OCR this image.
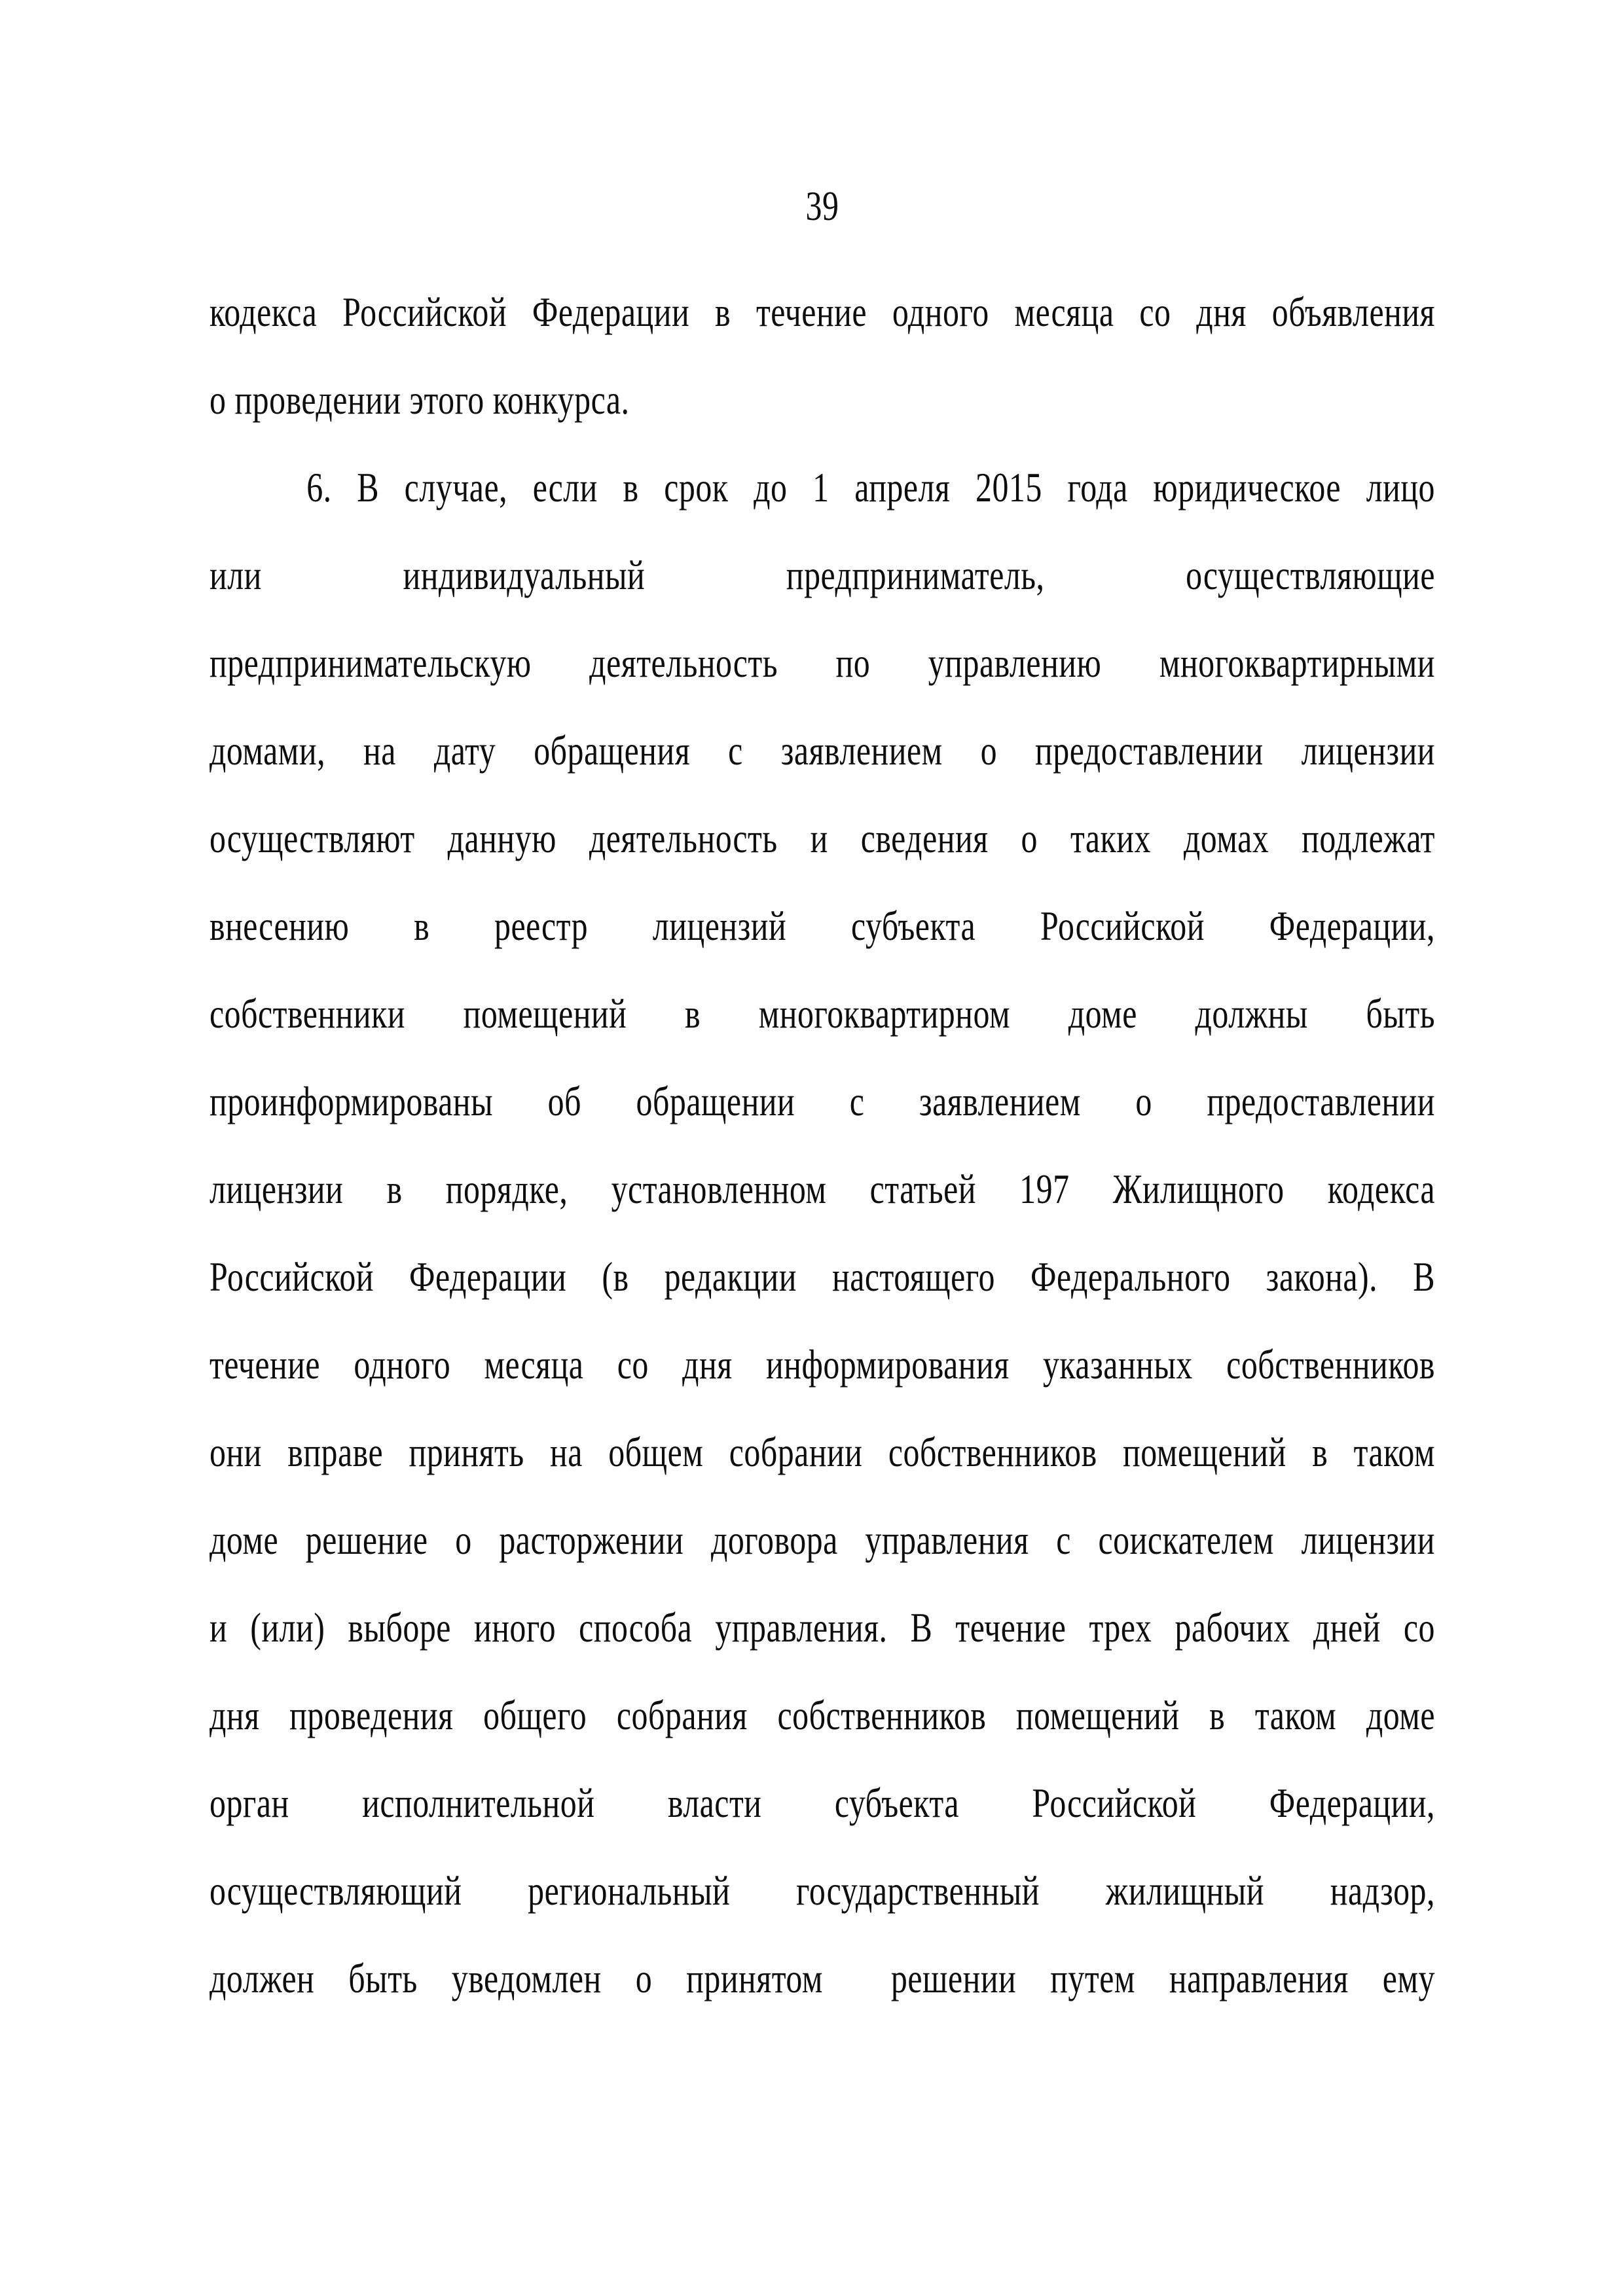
39
кодекса Российской Федерации в течение одного месяца со дня объявления
о проведении этого конкурса.
6. В случае, если в срок до 1 апреля 2015 года юридическое лицо
или индивидуальный предприниматель, осуществляющие
предпринимательскую деятельность по управлению многоквартирными
домами, на дату обращения с заявлением о предоставлении лицензии
осуществляют данную деятельность и сведения о таких домах подлежат
внесению в реестр лицензий субъекта Российской Федерации,
собственники помещений в многоквартирном доме должны быть
проинформированы об обращении с заявлением о предоставлении
лицензии в порядке, установленном статьей 197 Жилищного кодекса
Российской Федерации (в редакции настоящего Федерального закона). В
течение одного месяца со дня информирования указанных собственников
они вправе принять на общем собрании собственников помещений в таком
доме решение о расторжении договора управления с соискателем лицензии
и (или) выборе иного способа управления. В течение трех рабочих дней со
дня проведения общего собрания собственников помещений в таком доме
орган исполнительной власти субъекта Российской Федерации,
осуществляющий региональный государственный жилищный надзор,
должен быть уведомлен о принятом  решении путем направления ему
